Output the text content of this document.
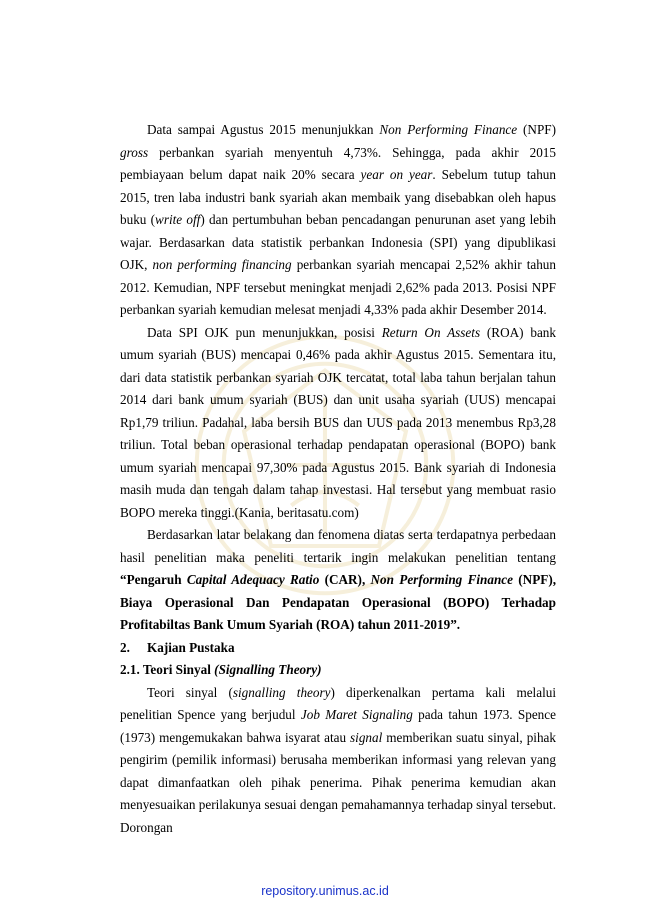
Data sampai Agustus 2015 menunjukkan Non Performing Finance (NPF) gross perbankan syariah menyentuh 4,73%. Sehingga, pada akhir 2015 pembiayaan belum dapat naik 20% secara year on year. Sebelum tutup tahun 2015, tren laba industri bank syariah akan membaik yang disebabkan oleh hapus buku (write off) dan pertumbuhan beban pencadangan penurunan aset yang lebih wajar. Berdasarkan data statistik perbankan Indonesia (SPI) yang dipublikasi OJK, non performing financing perbankan syariah mencapai 2,52% akhir tahun 2012. Kemudian, NPF tersebut meningkat menjadi 2,62% pada 2013. Posisi NPF perbankan syariah kemudian melesat menjadi 4,33% pada akhir Desember 2014.

Data SPI OJK pun menunjukkan, posisi Return On Assets (ROA) bank umum syariah (BUS) mencapai 0,46% pada akhir Agustus 2015. Sementara itu, dari data statistik perbankan syariah OJK tercatat, total laba tahun berjalan tahun 2014 dari bank umum syariah (BUS) dan unit usaha syariah (UUS) mencapai Rp1,79 triliun. Padahal, laba bersih BUS dan UUS pada 2013 menembus Rp3,28 triliun. Total beban operasional terhadap pendapatan operasional (BOPO) bank umum syariah mencapai 97,30% pada Agustus 2015. Bank syariah di Indonesia masih muda dan tengah dalam tahap investasi. Hal tersebut yang membuat rasio BOPO mereka tinggi.(Kania, beritasatu.com)

Berdasarkan latar belakang dan fenomena diatas serta terdapatnya perbedaan hasil penelitian maka peneliti tertarik ingin melakukan penelitian tentang “Pengaruh Capital Adequacy Ratio (CAR), Non Performing Finance (NPF), Biaya Operasional Dan Pendapatan Operasional (BOPO) Terhadap Profitabiltas Bank Umum Syariah (ROA) tahun 2011-2019”.

2. Kajian Pustaka

2.1. Teori Sinyal (Signalling Theory)

Teori sinyal (signalling theory) diperkenalkan pertama kali melalui penelitian Spence yang berjudul Job Maret Signaling pada tahun 1973. Spence (1973) mengemukakan bahwa isyarat atau signal memberikan suatu sinyal, pihak pengirim (pemilik informasi) berusaha memberikan informasi yang relevan yang dapat dimanfaatkan oleh pihak penerima. Pihak penerima kemudian akan menyesuaikan perilakunya sesuai dengan pemahamannya terhadap sinyal tersebut. Dorongan

repository.unimus.ac.id
